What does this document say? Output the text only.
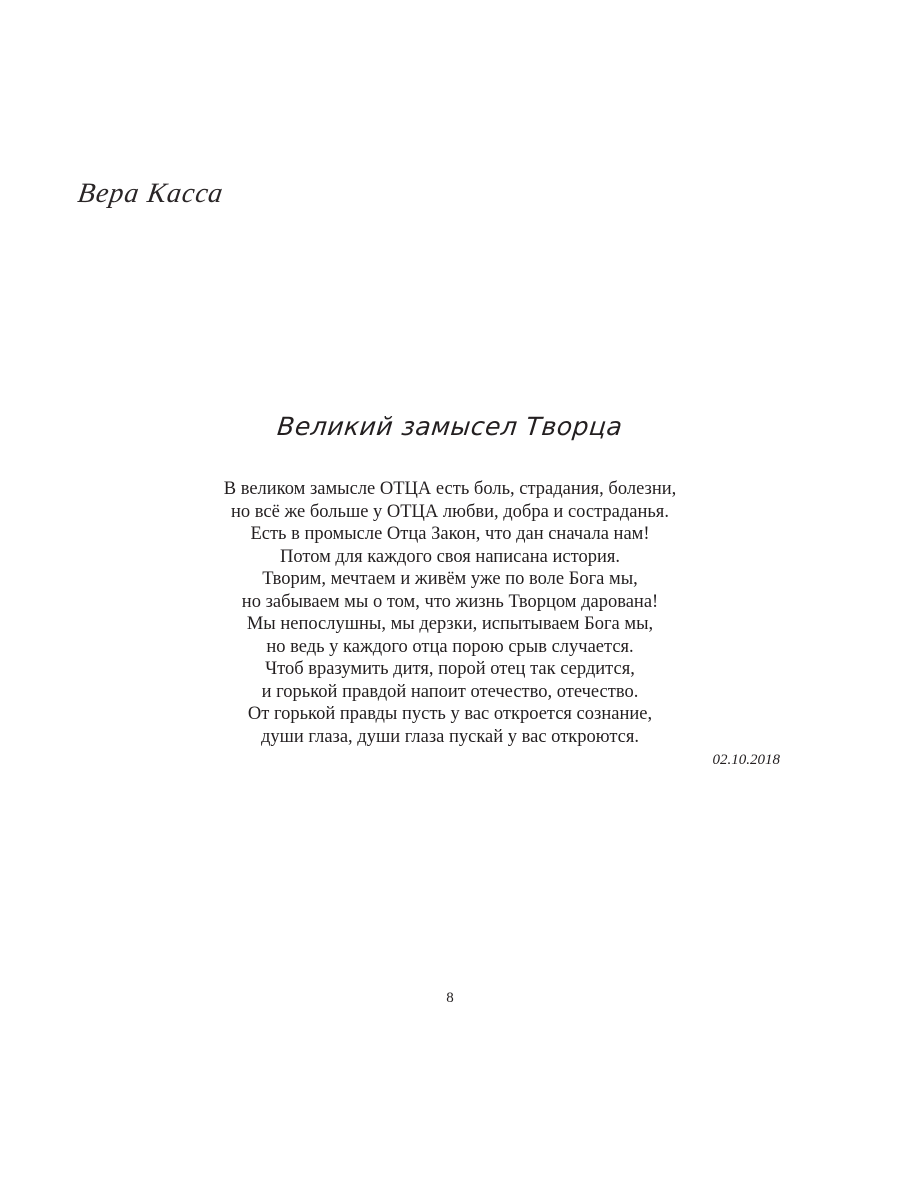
Вера Касса
Великий замысел Творца
В великом замысле ОТЦА есть боль, страдания, болезни,
но всё же больше у ОТЦА любви, добра и сострaданья.
Есть в промысле Отца Закон, что дан сначала нам!
Потом для каждого своя написана история.
Творим, мечтаем и живём уже по воле Бога мы,
но забываем мы о том, что жизнь Творцом дарована!
Мы непослушны, мы дерзки, испытываем Бога мы,
но ведь у каждого отца порою срыв случается.
Чтоб вразумить дитя, порой отец так сердится,
и горькой правдой напоит отечество, отечество.
От горькой правды пусть у вас откроется сознание,
души глаза, души глаза пускай у вас откроются.
02.10.2018
8
